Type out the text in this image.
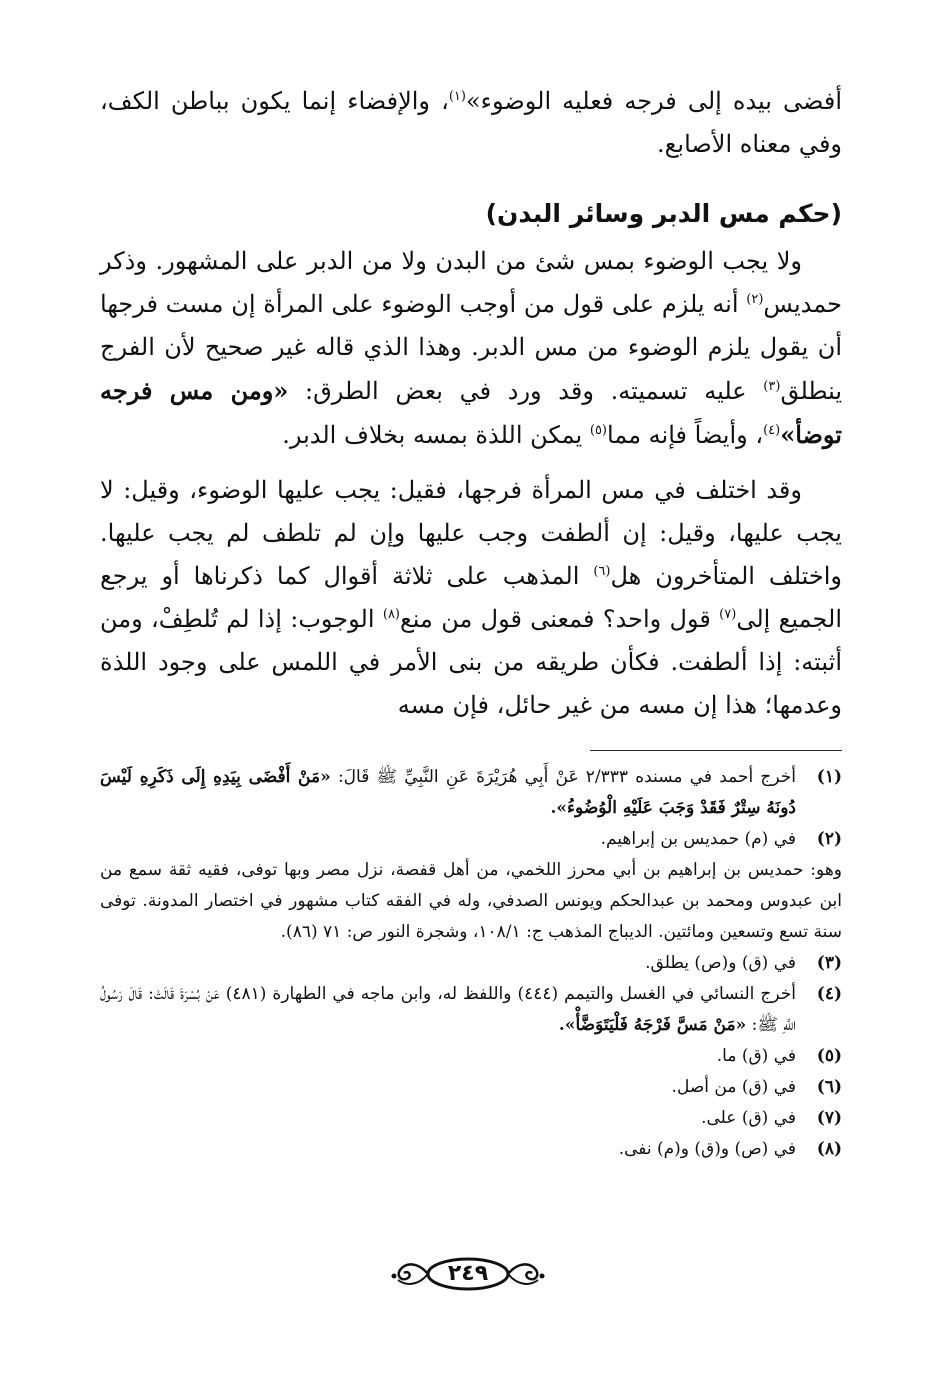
أفضى بيده إلى فرجه فعليه الوضوء»$^{(١)}$، والإفضاء إنما يكون بباطن الكف، وفي معناه الأصابع.

(حكم مس الدبر وسائر البدن)

ولا يجب الوضوء بمس شئ من البدن ولا من الدبر على المشهور. وذكر حمديس$^{(٢)}$ أنه يلزم على قول من أوجب الوضوء على المرأة إن مست فرجها أن يقول يلزم الوضوء من مس الدبر. وهذا الذي قاله غير صحيح لأن الفرج ينطلق$^{(٣)}$ عليه تسميته. وقد ورد في بعض الطرق: «ومن مس فرجه توضأ»$^{(٤)}$، وأيضاً فإنه مما$^{(٥)}$ يمكن اللذة بمسه بخلاف الدبر.

وقد اختلف في مس المرأة فرجها، فقيل: يجب عليها الوضوء، وقيل: لا يجب عليها، وقيل: إن ألطفت وجب عليها وإن لم تلطف لم يجب عليها. واختلف المتأخرون هل$^{(٦)}$ المذهب على ثلاثة أقوال كما ذكرناها أو يرجع الجميع إلى$^{(٧)}$ قول واحد؟ فمعنى قول من منع$^{(٨)}$ الوجوب: إذا لم تُلطِفْ، ومن أثبته: إذا ألطفت. فكأن طريقه من بنى الأمر في اللمس على وجود اللذة وعدمها؛ هذا إن مسه من غير حائل، فإن مسه

(١)
أخرج أحمد في مسنده ٢/٣٣٣ عَنْ أَبِي هُرَيْرَةَ عَنِ النَّبِيِّ ﷺ قَالَ: «مَنْ أَفْضَى بِيَدِهِ إِلَى ذَكَرِهِ لَيْسَ دُونَهُ سِتْرٌ فَقَدْ وَجَبَ عَلَيْهِ الْوُضُوءُ».
(٢)
في (م) حمديس بن إبراهيم.

وهو: حمديس بن إبراهيم بن أبي محرز اللخمي، من أهل قفصة، نزل مصر وبها توفى، فقيه ثقة سمع من ابن عبدوس ومحمد بن عبدالحكم ويونس الصدفي، وله في الفقه كتاب مشهور في اختصار المدونة. توفى سنة تسع وتسعين ومائتين. الديباج المذهب ج: ١٠٨/١، وشجرة النور ص: ٧١ (٨٦).

(٣)
في (ق) و(ص) يطلق.
(٤)
أخرج النسائي في الغسل والتيمم (٤٤٤) واللفظ له، وابن ماجه في الطهارة (٤٨١) عَنْ بُسْرَةَ قَالَتْ: قَالَ رَسُولُ اللَّهِ ﷺ: «مَنْ مَسَّ فَرْجَهُ فَلْيَتَوَضَّأْ».
(٥)
في (ق) ما.
(٦)
في (ق) من أصل.
(٧)
في (ق) على.
(٨)
في (ص) و(ق) و(م) نفى.
٢٤٩
